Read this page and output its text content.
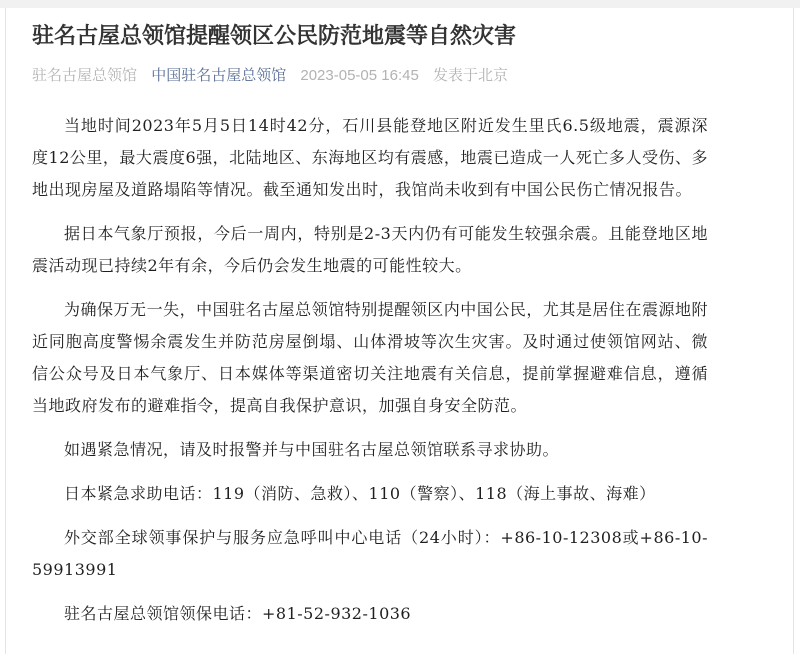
驻名古屋总领馆提醒领区公民防范地震等自然灾害
驻名古屋总领馆 中国驻名古屋总领馆 2023-05-05 16:45 发表于北京

当地时间2023年5月5日14时42分，石川县能登地区附近发生里氏6.5级地震，震源深度12公里，最大震度6强，北陆地区、东海地区均有震感，地震已造成一人死亡多人受伤、多地出现房屋及道路塌陷等情况。截至通知发出时，我馆尚未收到有中国公民伤亡情况报告。

据日本气象厅预报，今后一周内，特别是2-3天内仍有可能发生较强余震。且能登地区地震活动现已持续2年有余，今后仍会发生地震的可能性较大。

为确保万无一失，中国驻名古屋总领馆特别提醒领区内中国公民，尤其是居住在震源地附近同胞高度警惕余震发生并防范房屋倒塌、山体滑坡等次生灾害。及时通过使领馆网站、微信公众号及日本气象厅、日本媒体等渠道密切关注地震有关信息，提前掌握避难信息，遵循当地政府发布的避难指令，提高自我保护意识，加强自身安全防范。

如遇紧急情况，请及时报警并与中国驻名古屋总领馆联系寻求协助。

日本紧急求助电话：119（消防、急救）、110（警察）、118（海上事故、海难）

外交部全球领事保护与服务应急呼叫中心电话（24小时）：+86-10-12308或+86-10-59913991

驻名古屋总领馆领保电话：+81-52-932-1036
